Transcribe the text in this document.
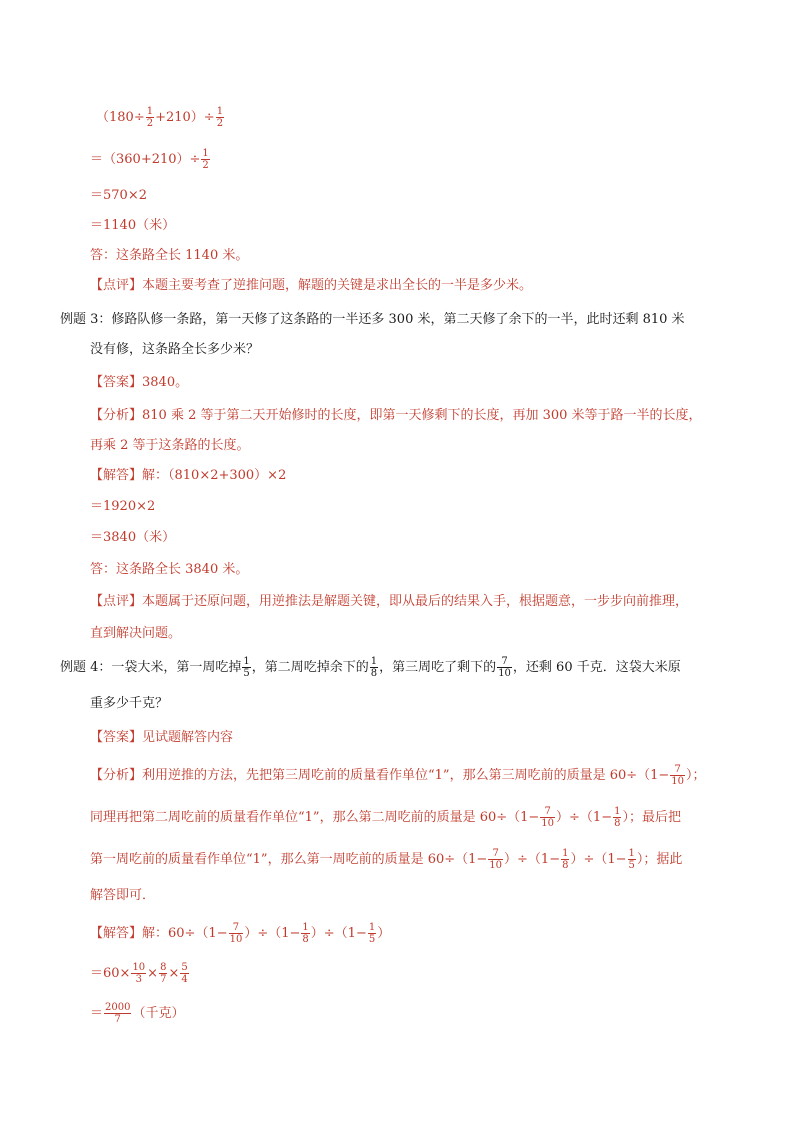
$(180\div \frac{1}{2} +210)\div \frac{1}{2}$
$=(360+210)\div \frac{1}{2}$
＝570×2
＝1140（米）
答：这条路全长 1140 米。
【点评】本题主要考查了逆推问题，解题的关键是求出全长的一半是多少米。
例题 3：修路队修一条路，第一天修了这条路的一半还多 300 米，第二天修了余下的一半，此时还剩 810 米
没有修，这条路全长多少米？
【答案】3840。
【分析】810 乘 2 等于第二天开始修时的长度，即第一天修剩下的长度，再加 300 米等于路一半的长度，
再乘 2 等于这条路的长度。
【解答】解：（810×2+300）×2
＝1920×2
＝3840（米）
答：这条路全长 3840 米。
【点评】本题属于还原问题，用逆推法是解题关键，即从最后的结果入手，根据题意，一步步向前推理，
直到解决问题。
例题 4：一袋大米，第一周吃掉 $\frac{1}{5}$ ，第二周吃掉余下的 $\frac{1}{8}$ ，第三周吃了剩下的 $\frac{7}{10}$ ，还剩 60 千克．这袋大米原
重多少千克？
【答案】见试题解答内容
【分析】利用逆推的方法，先把第三周吃前的质量看作单位“1”，那么第三周吃前的质量是 $60\div(1- \frac{7}{10}$ ）；
同理再把第二周吃前的质量看作单位“1”，那么第二周吃前的质量是 $60\div(1- \frac{7}{10} )\div(1- \frac{1}{8}$ ）；最后把
第一周吃前的质量看作单位“1”，那么第一周吃前的质量是 $60\div(1- \frac{7}{10} )\div(1- \frac{1}{8} )\div(1- \frac{1}{5}$ ）；据此
解答即可．
【解答】解：$60\div(1- \frac{7}{10} )\div(1- \frac{1}{8} )\div(1- \frac{1}{5}$ ）
$=60\times \frac{10}{3} \times \frac{8}{7} \times \frac{5}{4}$
＝ $\frac{2000}{7}$ （千克）
